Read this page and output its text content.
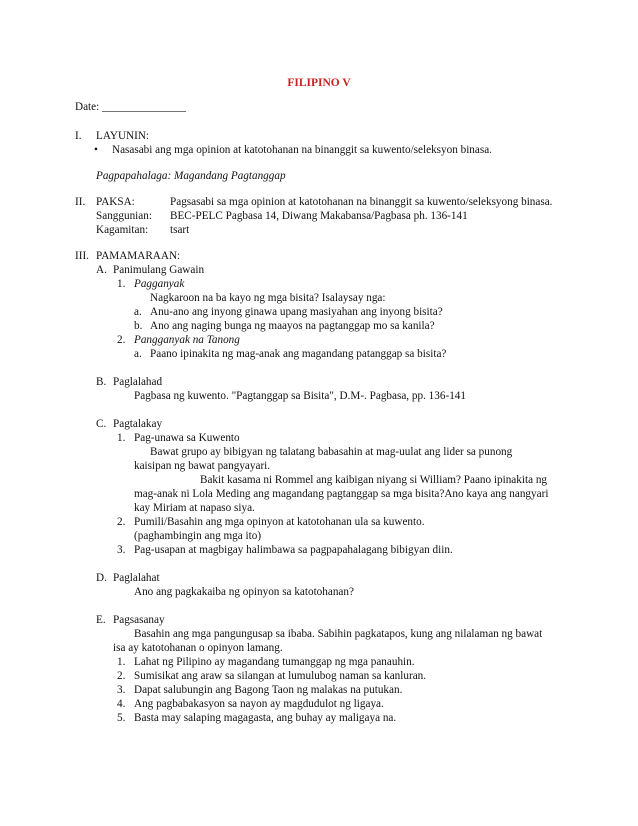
FILIPINO V
Date: _______________
I. LAYUNIN:
• Nasasabi ang mga opinion at katotohanan na binanggit sa kuwento/seleksyon binasa.
Pagpapahalaga: Magandang Pagtanggap
II. PAKSA:	Pagsasabi sa mga opinion at katotohanan na binanggit sa kuwento/seleksyong binasa.
Sanggunian: BEC-PELC Pagbasa 14, Diwang Makabansa/Pagbasa ph. 136-141
Kagamitan: tsart
III. PAMAMARAAN:
A. Panimulang Gawain
1. Pagganyak
Nagkaroon na ba kayo ng mga bisita? Isalaysay nga:
a. Anu-ano ang inyong ginawa upang masiyahan ang inyong bisita?
b. Ano ang naging bunga ng maayos na pagtanggap mo sa kanila?
2. Pangganyak na Tanong
a. Paano ipinakita ng mag-anak ang magandang patanggap sa bisita?
B. Paglalahad
Pagbasa ng kuwento. "Pagtanggap sa Bisita", D.M-. Pagbasa, pp. 136-141
C. Pagtalakay
1. Pag-unawa sa Kuwento
Bawat grupo ay bibigyan ng talatang babasahin at mag-uulat ang lider sa punong
kaisipan ng bawat pangyayari.
Bakit kasama ni Rommel ang kaibigan niyang si William? Paano ipinakita ng
mag-anak ni Lola Meding ang magandang pagtanggap sa mga bisita?Ano kaya ang nangyari
kay Miriam at napaso siya.
2. Pumili/Basahin ang mga opinyon at katotohanan ula sa kuwento.
(paghambingin ang mga ito)
3. Pag-usapan at magbigay halimbawa sa pagpapahalagang bibigyan diin.
D. Paglalahat
Ano ang pagkakaiba ng opinyon sa katotohanan?
E. Pagsasanay
Basahin ang mga pangungusap sa ibaba. Sabihin pagkatapos, kung ang nilalaman ng bawat
isa ay katotohanan o opinyon lamang.
1. Lahat ng Pilipino ay magandang tumanggap ng mga panauhin.
2. Sumisikat ang araw sa silangan at lumulubog naman sa kanluran.
3. Dapat salubungin ang Bagong Taon ng malakas na putukan.
4. Ang pagbabakasyon sa nayon ay magdudulot ng ligaya.
5. Basta may salaping magagasta, ang buhay ay maligaya na.
